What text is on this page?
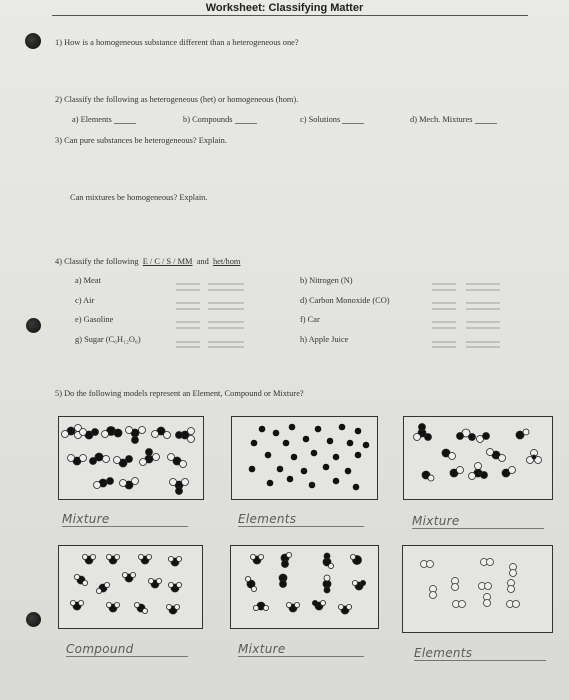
Worksheet: Classifying Matter
1) How is a homogeneous substance different than a heterogeneous one?
2) Classify the following as heterogeneous (het) or homogeneous (hom).
a) Elements	b) Compounds	c) Solutions	d) Mech. Mixtures
3) Can pure substances be heterogeneous? Explain.
Can mixtures be homogeneous? Explain.
4) Classify the following E / C / S / MM and het/hom
a) Meat
c) Air
e) Gasoline
g) Sugar (C₆H₁₂O₆)
b) Nitrogen (N)
d) Carbon Monoxide (CO)
f) Car
h) Apple Juice
5) Do the following models represent an Element, Compound or Mixture?
Mixture	Elements	Mixture
Compound	Mixture	Elements
